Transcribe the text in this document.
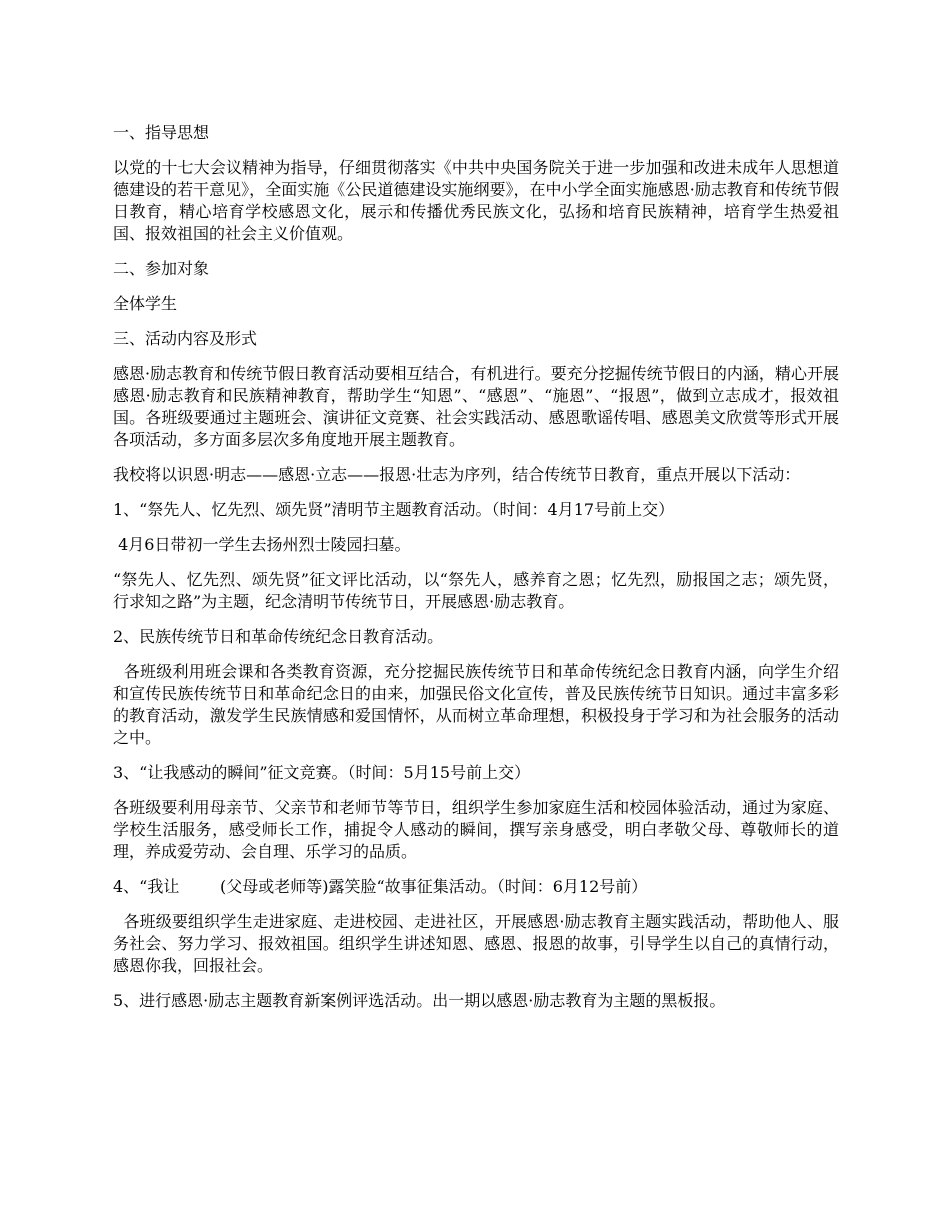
一、指导思想

以党的十七大会议精神为指导，仔细贯彻落实《中共中央国务院关于进一步加强和改进未成年人思想道德建设的若干意见》，全面实施《公民道德建设实施纲要》，在中小学全面实施感恩·励志教育和传统节假日教育，精心培育学校感恩文化，展示和传播优秀民族文化，弘扬和培育民族精神，培育学生热爱祖国、报效祖国的社会主义价值观。

二、参加对象

全体学生

三、活动内容及形式

感恩·励志教育和传统节假日教育活动要相互结合，有机进行。要充分挖掘传统节假日的内涵，精心开展感恩·励志教育和民族精神教育，帮助学生“知恩”、“感恩”、“施恩”、“报恩”，做到立志成才，报效祖国。各班级要通过主题班会、演讲征文竞赛、社会实践活动、感恩歌谣传唱、感恩美文欣赏等形式开展各项活动，多方面多层次多角度地开展主题教育。

我校将以识恩·明志——感恩·立志——报恩·壮志为序列，结合传统节日教育，重点开展以下活动：

1、“祭先人、忆先烈、颂先贤”清明节主题教育活动。（时间：4月17号前上交）

4月6日带初一学生去扬州烈士陵园扫墓。

“祭先人、忆先烈、颂先贤”征文评比活动，以“祭先人，感养育之恩；忆先烈，励报国之志；颂先贤，行求知之路”为主题，纪念清明节传统节日，开展感恩·励志教育。

2、民族传统节日和革命传统纪念日教育活动。

各班级利用班会课和各类教育资源，充分挖掘民族传统节日和革命传统纪念日教育内涵，向学生介绍和宣传民族传统节日和革命纪念日的由来，加强民俗文化宣传，普及民族传统节日知识。通过丰富多彩的教育活动，激发学生民族情感和爱国情怀，从而树立革命理想，积极投身于学习和为社会服务的活动之中。

3、“让我感动的瞬间”征文竞赛。（时间：5月15号前上交）

各班级要利用母亲节、父亲节和老师节等节日，组织学生参加家庭生活和校园体验活动，通过为家庭、学校生活服务，感受师长工作，捕捉令人感动的瞬间，撰写亲身感受，明白孝敬父母、尊敬师长的道理，养成爱劳动、会自理、乐学习的品质。

4、“我让        (父母或老师等)露笑脸“故事征集活动。（时间：6月12号前）

各班级要组织学生走进家庭、走进校园、走进社区，开展感恩·励志教育主题实践活动，帮助他人、服务社会、努力学习、报效祖国。组织学生讲述知恩、感恩、报恩的故事，引导学生以自己的真情行动，感恩你我，回报社会。

5、进行感恩·励志主题教育新案例评选活动。出一期以感恩·励志教育为主题的黑板报。
